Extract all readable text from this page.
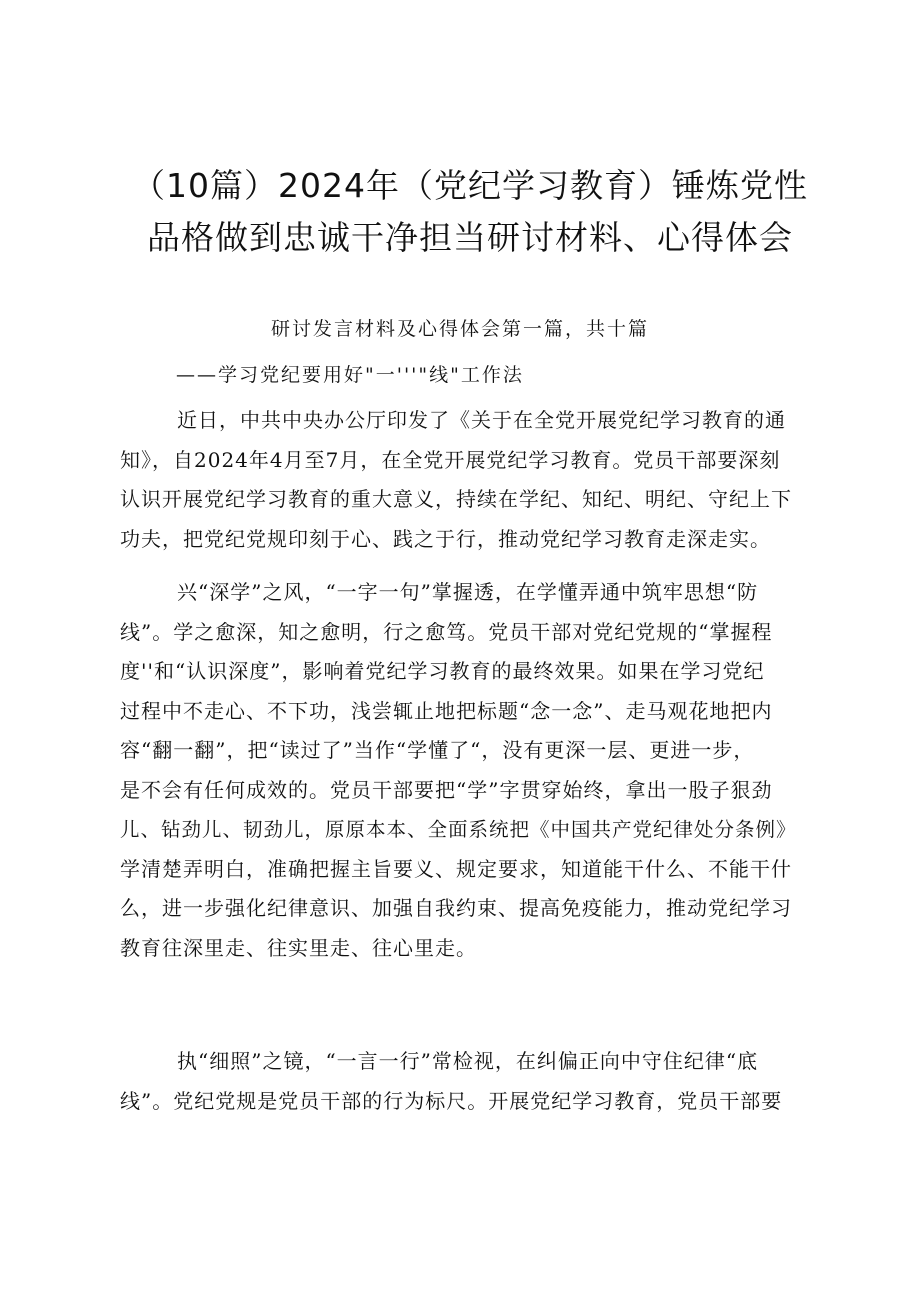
（10篇）2024年（党纪学习教育）锤炼党性
品格做到忠诚干净担当研讨材料、心得体会
研讨发言材料及心得体会第一篇，共十篇
——学习党纪要用好"一'''"线"工作法
近日，中共中央办公厅印发了《关于在全党开展党纪学习教育的通
知》，自2024年4月至7月，在全党开展党纪学习教育。党员干部要深刻
认识开展党纪学习教育的重大意义，持续在学纪、知纪、明纪、守纪上下
功夫，把党纪党规印刻于心、践之于行，推动党纪学习教育走深走实。
兴“深学”之风，“一字一句”掌握透，在学懂弄通中筑牢思想“防
线”。学之愈深，知之愈明，行之愈笃。党员干部对党纪党规的“掌握程
度''和“认识深度”，影响着党纪学习教育的最终效果。如果在学习党纪
过程中不走心、不下功，浅尝辄止地把标题“念一念”、走马观花地把内
容“翻一翻”，把“读过了”当作“学懂了“，没有更深一层、更进一步，
是不会有任何成效的。党员干部要把“学”字贯穿始终，拿出一股子狠劲
儿、钻劲儿、韧劲儿，原原本本、全面系统把《中国共产党纪律处分条例》
学清楚弄明白，准确把握主旨要义、规定要求，知道能干什么、不能干什
么，进一步强化纪律意识、加强自我约束、提高免疫能力，推动党纪学习
教育往深里走、往实里走、往心里走。
执“细照”之镜，“一言一行”常检视，在纠偏正向中守住纪律“底
线”。党纪党规是党员干部的行为标尺。开展党纪学习教育，党员干部要
